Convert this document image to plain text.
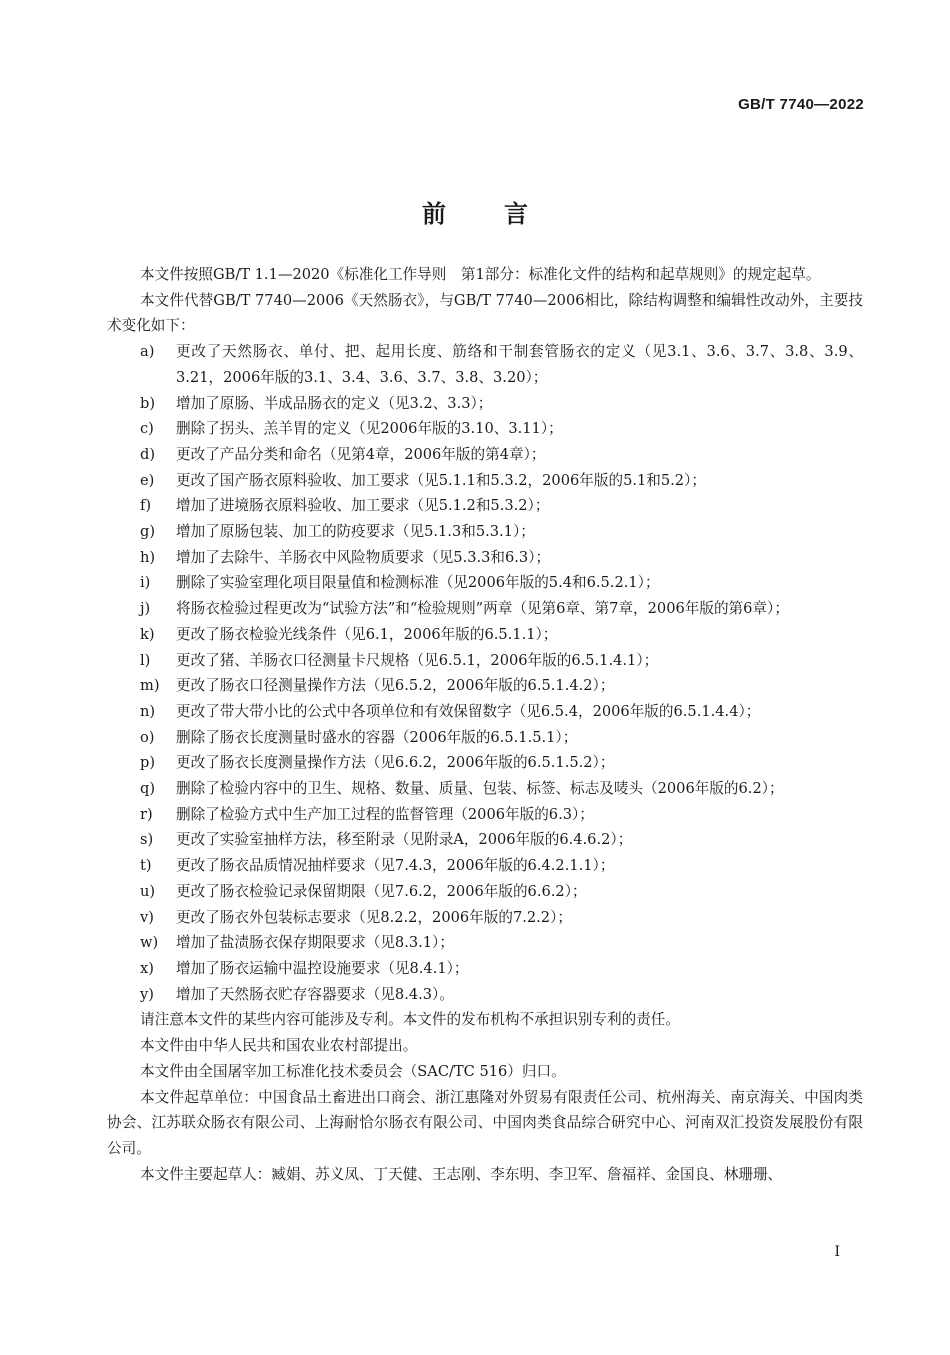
GB/T 7740—2022
前言

本文件按照GB/T 1.1—2020《标准化工作导则　第1部分：标准化文件的结构和起草规则》的规定起草。

本文件代替GB/T 7740—2006《天然肠衣》，与GB/T 7740—2006相比，除结构调整和编辑性改动外，主要技术变化如下：

a) 更改了天然肠衣、单付、把、起用长度、筋络和干制套管肠衣的定义（见3.1、3.6、3.7、3.8、3.9、3.21，2006年版的3.1、3.4、3.6、3.7、3.8、3.20）；
b) 增加了原肠、半成品肠衣的定义（见3.2、3.3）；
c) 删除了拐头、羔羊胃的定义（见2006年版的3.10、3.11）；
d) 更改了产品分类和命名（见第4章，2006年版的第4章）；
e) 更改了国产肠衣原料验收、加工要求（见5.1.1和5.3.2，2006年版的5.1和5.2）；
f) 增加了进境肠衣原料验收、加工要求（见5.1.2和5.3.2）；
g) 增加了原肠包装、加工的防疫要求（见5.1.3和5.3.1）；
h) 增加了去除牛、羊肠衣中风险物质要求（见5.3.3和6.3）；
i) 删除了实验室理化项目限量值和检测标准（见2006年版的5.4和6.5.2.1）；
j) 将肠衣检验过程更改为“试验方法”和“检验规则”两章（见第6章、第7章，2006年版的第6章）；
k) 更改了肠衣检验光线条件（见6.1，2006年版的6.5.1.1）；
l) 更改了猪、羊肠衣口径测量卡尺规格（见6.5.1，2006年版的6.5.1.4.1）；
m) 更改了肠衣口径测量操作方法（见6.5.2，2006年版的6.5.1.4.2）；
n) 更改了带大带小比的公式中各项单位和有效保留数字（见6.5.4，2006年版的6.5.1.4.4）；
o) 删除了肠衣长度测量时盛水的容器（2006年版的6.5.1.5.1）；
p) 更改了肠衣长度测量操作方法（见6.6.2，2006年版的6.5.1.5.2）；
q) 删除了检验内容中的卫生、规格、数量、质量、包装、标签、标志及唛头（2006年版的6.2）；
r) 删除了检验方式中生产加工过程的监督管理（2006年版的6.3）；
s) 更改了实验室抽样方法，移至附录（见附录A，2006年版的6.4.6.2）；
t) 更改了肠衣品质情况抽样要求（见7.4.3，2006年版的6.4.2.1.1）；
u) 更改了肠衣检验记录保留期限（见7.6.2，2006年版的6.6.2）；
v) 更改了肠衣外包装标志要求（见8.2.2，2006年版的7.2.2）；
w) 增加了盐渍肠衣保存期限要求（见8.3.1）；
x) 增加了肠衣运输中温控设施要求（见8.4.1）；
y) 增加了天然肠衣贮存容器要求（见8.4.3）。

请注意本文件的某些内容可能涉及专利。本文件的发布机构不承担识别专利的责任。

本文件由中华人民共和国农业农村部提出。

本文件由全国屠宰加工标准化技术委员会（SAC/TC 516）归口。

本文件起草单位：中国食品土畜进出口商会、浙江惠隆对外贸易有限责任公司、杭州海关、南京海关、中国肉类协会、江苏联众肠衣有限公司、上海耐恰尔肠衣有限公司、中国肉类食品综合研究中心、河南双汇投资发展股份有限公司。

本文件主要起草人：臧娟、苏义凤、丁天健、王志刚、李东明、李卫军、詹福祥、金国良、林珊珊、

I
